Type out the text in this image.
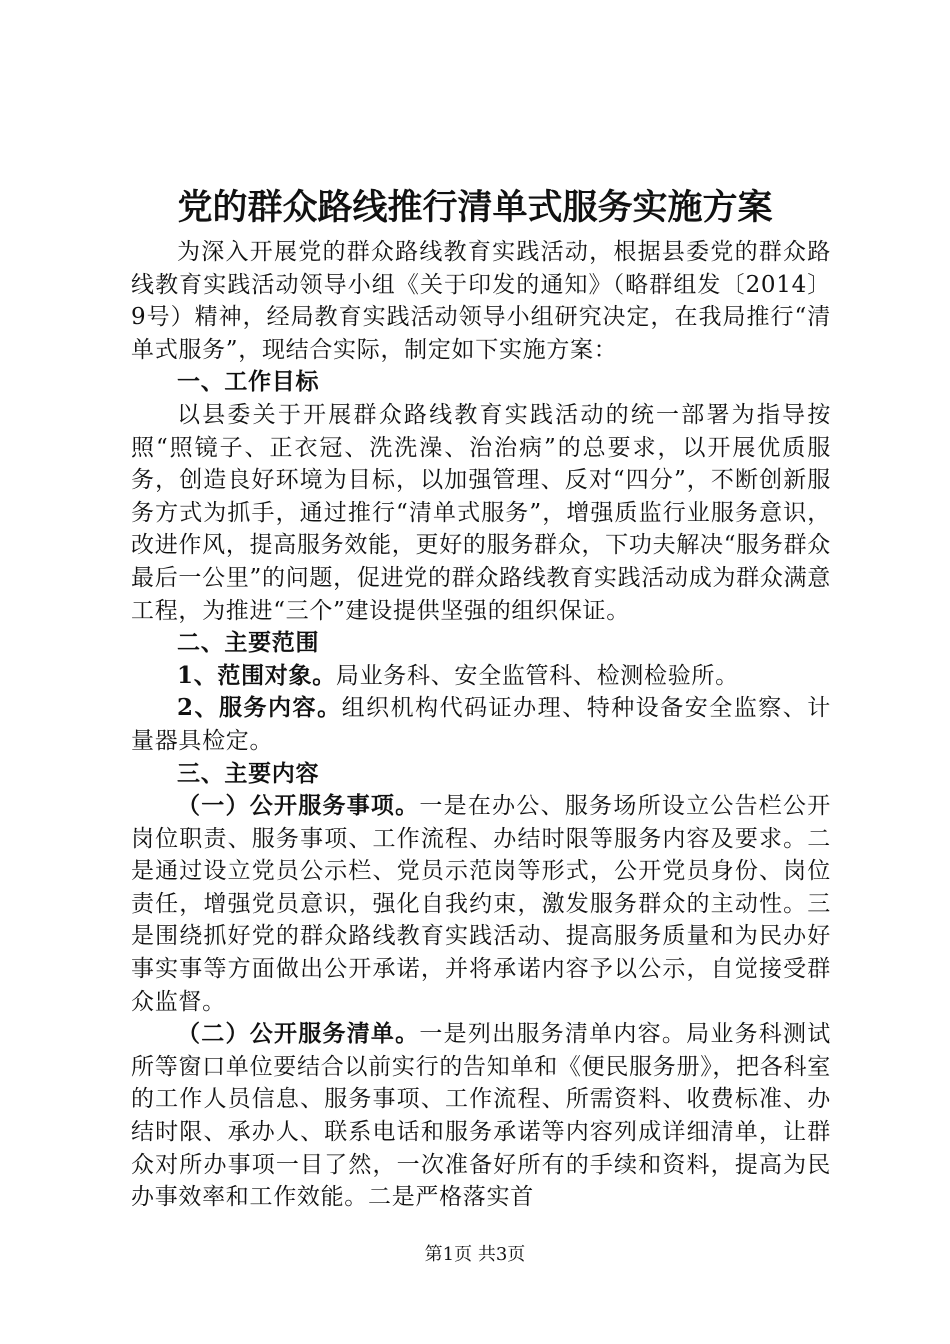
党的群众路线推行清单式服务实施方案

为深入开展党的群众路线教育实践活动，根据县委党的群众路线教育实践活动领导小组《关于印发的通知》（略群组发〔2014〕9号）精神，经局教育实践活动领导小组研究决定，在我局推行“清单式服务”，现结合实际，制定如下实施方案：

一、工作目标

以县委关于开展群众路线教育实践活动的统一部署为指导按照“照镜子、正衣冠、洗洗澡、治治病”的总要求，以开展优质服务，创造良好环境为目标，以加强管理、反对“四分”，不断创新服务方式为抓手，通过推行“清单式服务”，增强质监行业服务意识，改进作风，提高服务效能，更好的服务群众，下功夫解决“服务群众最后一公里”的问题，促进党的群众路线教育实践活动成为群众满意工程，为推进“三个”建设提供坚强的组织保证。

二、主要范围

1、范围对象。局业务科、安全监管科、检测检验所。

2、服务内容。组织机构代码证办理、特种设备安全监察、计量器具检定。

三、主要内容

（一）公开服务事项。一是在办公、服务场所设立公告栏公开岗位职责、服务事项、工作流程、办结时限等服务内容及要求。二是通过设立党员公示栏、党员示范岗等形式，公开党员身份、岗位责任，增强党员意识，强化自我约束，激发服务群众的主动性。三是围绕抓好党的群众路线教育实践活动、提高服务质量和为民办好事实事等方面做出公开承诺，并将承诺内容予以公示，自觉接受群众监督。

（二）公开服务清单。一是列出服务清单内容。局业务科测试所等窗口单位要结合以前实行的告知单和《便民服务册》，把各科室的工作人员信息、服务事项、工作流程、所需资料、收费标准、办结时限、承办人、联系电话和服务承诺等内容列成详细清单，让群众对所办事项一目了然，一次准备好所有的手续和资料，提高为民办事效率和工作效能。二是严格落实首

第1页 共3页
